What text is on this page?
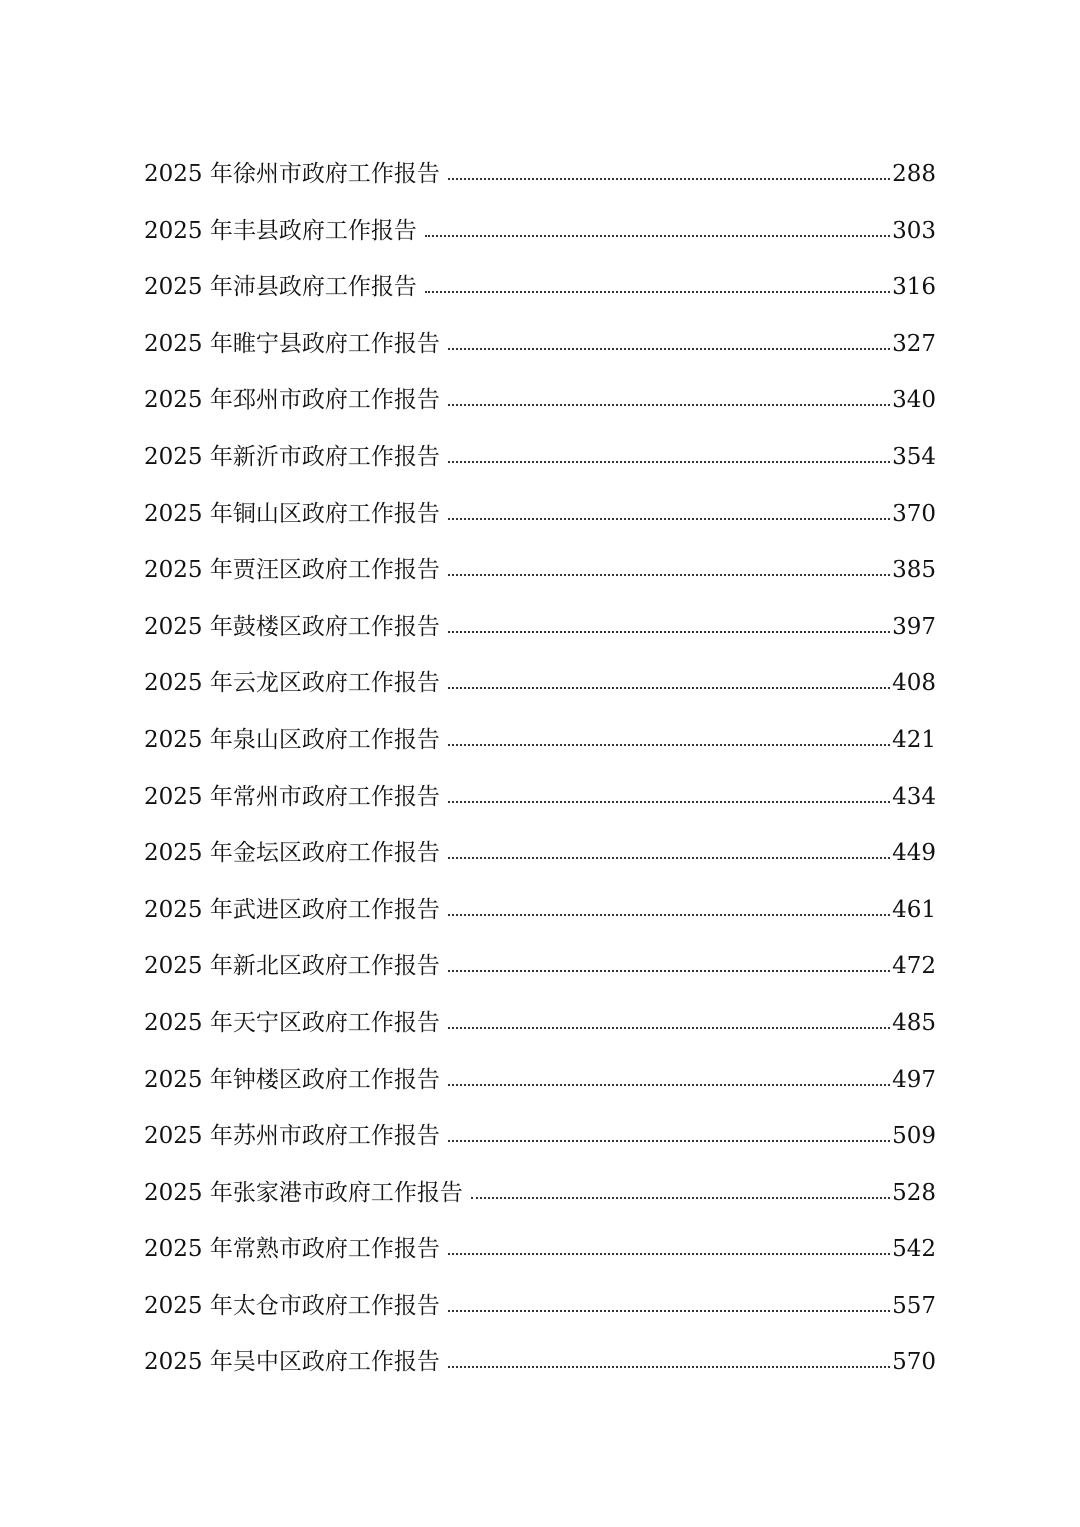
2025 年徐州市政府工作报告	288
2025 年丰县政府工作报告	303
2025 年沛县政府工作报告	316
2025 年睢宁县政府工作报告	327
2025 年邳州市政府工作报告	340
2025 年新沂市政府工作报告	354
2025 年铜山区政府工作报告	370
2025 年贾汪区政府工作报告	385
2025 年鼓楼区政府工作报告	397
2025 年云龙区政府工作报告	408
2025 年泉山区政府工作报告	421
2025 年常州市政府工作报告	434
2025 年金坛区政府工作报告	449
2025 年武进区政府工作报告	461
2025 年新北区政府工作报告	472
2025 年天宁区政府工作报告	485
2025 年钟楼区政府工作报告	497
2025 年苏州市政府工作报告	509
2025 年张家港市政府工作报告	528
2025 年常熟市政府工作报告	542
2025 年太仓市政府工作报告	557
2025 年吴中区政府工作报告	570
